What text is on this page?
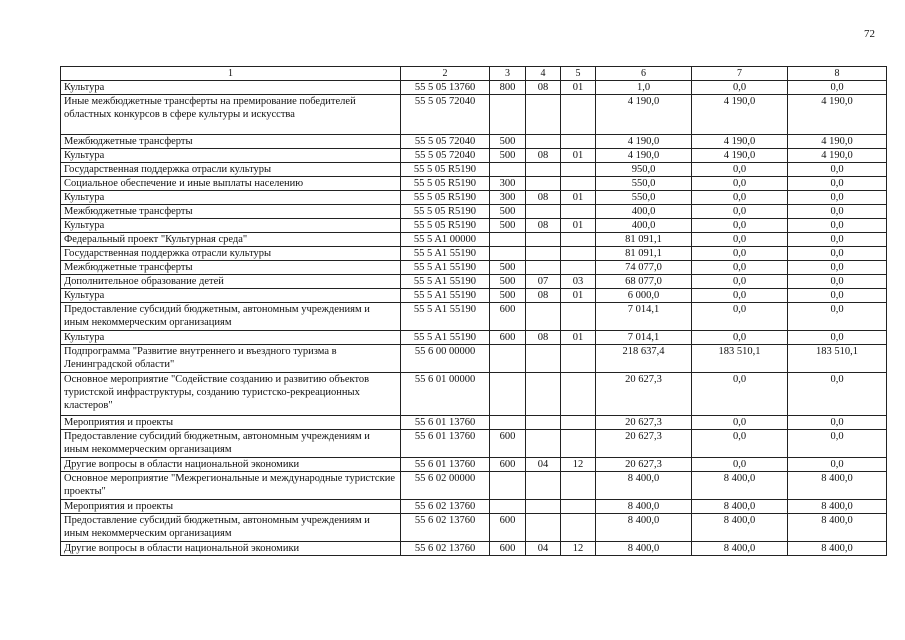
72
1	2	3	4	5	6	7	8
Культура	55 5 05 13760	800	08	01	1,0	0,0	0,0
Иные межбюджетные трансферты на премирование победителей областных конкурсов в сфере культуры и искусства	55 5 05 72040				4 190,0	4 190,0	4 190,0
Межбюджетные трансферты	55 5 05 72040	500			4 190,0	4 190,0	4 190,0
Культура	55 5 05 72040	500	08	01	4 190,0	4 190,0	4 190,0
Государственная поддержка отрасли культуры	55 5 05 R5190				950,0	0,0	0,0
Социальное обеспечение и иные выплаты населению	55 5 05 R5190	300			550,0	0,0	0,0
Культура	55 5 05 R5190	300	08	01	550,0	0,0	0,0
Межбюджетные трансферты	55 5 05 R5190	500			400,0	0,0	0,0
Культура	55 5 05 R5190	500	08	01	400,0	0,0	0,0
Федеральный проект "Культурная среда"	55 5 A1 00000				81 091,1	0,0	0,0
Государственная поддержка отрасли культуры	55 5 A1 55190				81 091,1	0,0	0,0
Межбюджетные трансферты	55 5 A1 55190	500			74 077,0	0,0	0,0
Дополнительное образование детей	55 5 A1 55190	500	07	03	68 077,0	0,0	0,0
Культура	55 5 A1 55190	500	08	01	6 000,0	0,0	0,0
Предоставление субсидий бюджетным, автономным учреждениям и иным некоммерческим организациям	55 5 A1 55190	600			7 014,1	0,0	0,0
Культура	55 5 A1 55190	600	08	01	7 014,1	0,0	0,0
Подпрограмма "Развитие внутреннего и въездного туризма в Ленинградской области"	55 6 00 00000				218 637,4	183 510,1	183 510,1
Основное мероприятие "Содействие созданию и развитию объектов туристской инфраструктуры, созданию туристско-рекреационных кластеров"	55 6 01 00000				20 627,3	0,0	0,0
Мероприятия и проекты	55 6 01 13760				20 627,3	0,0	0,0
Предоставление субсидий бюджетным, автономным учреждениям и иным некоммерческим организациям	55 6 01 13760	600			20 627,3	0,0	0,0
Другие вопросы в области национальной экономики	55 6 01 13760	600	04	12	20 627,3	0,0	0,0
Основное мероприятие "Межрегиональные и международные туристские проекты"	55 6 02 00000				8 400,0	8 400,0	8 400,0
Мероприятия и проекты	55 6 02 13760				8 400,0	8 400,0	8 400,0
Предоставление субсидий бюджетным, автономным учреждениям и иным некоммерческим организациям	55 6 02 13760	600			8 400,0	8 400,0	8 400,0
Другие вопросы в области национальной экономики	55 6 02 13760	600	04	12	8 400,0	8 400,0	8 400,0
